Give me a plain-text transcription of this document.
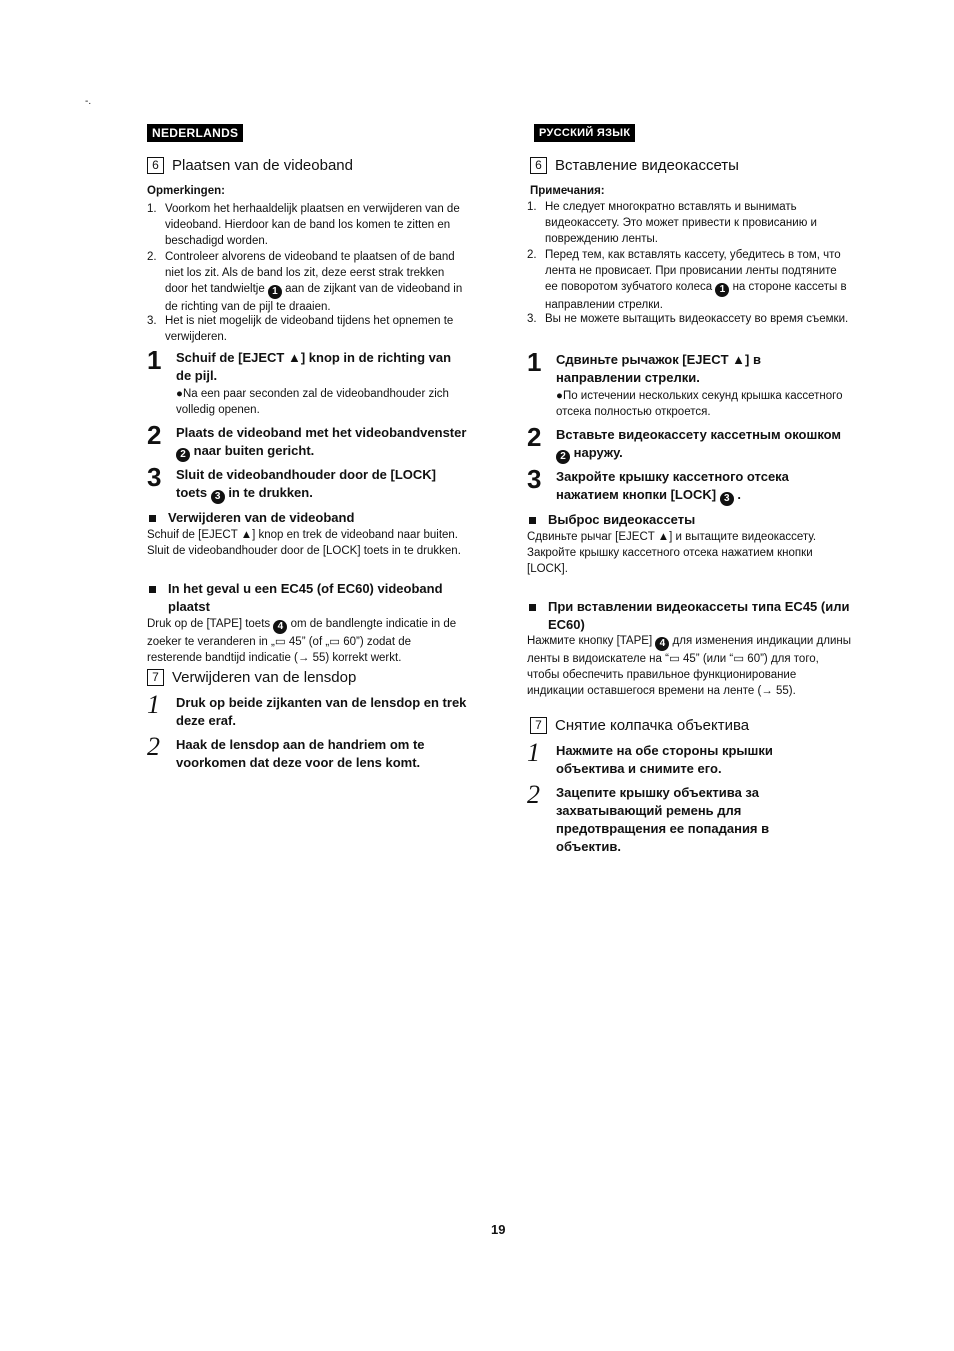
-.
NEDERLANDS
6 Plaatsen van de videoband
Opmerkingen:
1. Voorkom het herhaaldelijk plaatsen en verwijderen van de videoband. Hierdoor kan de band los komen te zitten en beschadigd worden.
2. Controleer alvorens de videoband te plaatsen of de band niet los zit. Als de band los zit, deze eerst strak trekken door het tandwieltje 1 aan de zijkant van de videoband in de richting van de pijl te draaien.
3. Het is niet mogelijk de videoband tijdens het opnemen te verwijderen.
1	Schuif de [EJECT ▲] knop in de richting van de pijl.
●Na een paar seconden zal de videobandhouder zich volledig openen.
2	Plaats de videoband met het videobandvenster 2 naar buiten gericht.
3	Sluit de videobandhouder door de [LOCK] toets 3 in te drukken.
Verwijderen van de videoband
Schuif de [EJECT ▲] knop en trek de videoband naar buiten. Sluit de videobandhouder door de [LOCK] toets in te drukken.
In het geval u een EC45 (of EC60) videoband plaatst
Druk op de [TAPE] toets 4 om de bandlengte indicatie in de zoeker te veranderen in „▭ 45” (of „▭ 60”) zodat de resterende bandtijd indicatie (→ 55) korrekt werkt.
7 Verwijderen van de lensdop
1	Druk op beide zijkanten van de lensdop en trek deze eraf.
2	Haak de lensdop aan de handriem om te voorkomen dat deze voor de lens komt.
РУССКИЙ ЯЗЫК
6 Вставление видеокассеты
Примечания:
1. Не следует многократно вставлять и вынимать видеокассету. Это может привести к провисанию и повреждению ленты.
2. Перед тем, как вставлять кассету, убедитесь в том, что лента не провисает. При провисании ленты подтяните ее поворотом зубчатого колеса 1 на стороне кассеты в направлении стрелки.
3. Вы не можете вытащить видеокассету во время съемки.
1	Сдвиньте рычажок [EJECT ▲] в направлении стрелки.
●По истечении нескольких секунд крышка кассетного отсека полностью откроется.
2	Вставьте видеокассету кассетным окошком 2 наружу.
3	Закройте крышку кассетного отсека нажатием кнопки [LOCK] 3 .
Выброс видеокассеты
Сдвиньте рычаг [EJECT ▲] и вытащите видеокассету. Закройте крышку кассетного отсека нажатием кнопки [LOCK].
При вставлении видеокассеты типа EC45 (или EC60)
Нажмите кнопку [TAPE] 4 для изменения индикации длины ленты в видоискателе на “▭ 45” (или “▭ 60”) для того, чтобы обеспечить правильное функционирование индикации оставшегося времени на ленте (→ 55).
7 Снятие колпачка объектива
1	Нажмите на обе стороны крышки объектива и снимите его.
2	Зацепите крышку объектива за захватывающий ремень для предотвращения ее попадания в объектив.
19
